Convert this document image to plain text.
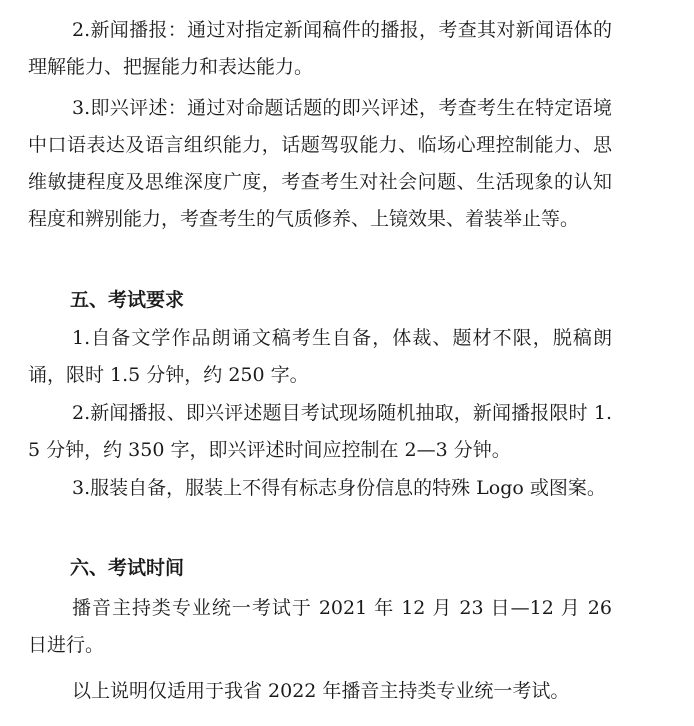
2.新闻播报：通过对指定新闻稿件的播报，考查其对新闻语体的理解能力、把握能力和表达能力。

3.即兴评述：通过对命题话题的即兴评述，考查考生在特定语境中口语表达及语言组织能力，话题驾驭能力、临场心理控制能力、思维敏捷程度及思维深度广度，考查考生对社会问题、生活现象的认知程度和辨别能力，考查考生的气质修养、上镜效果、着装举止等。

五、考试要求

1.自备文学作品朗诵文稿考生自备，体裁、题材不限，脱稿朗诵，限时 1.5 分钟，约 250 字。

2.新闻播报、即兴评述题目考试现场随机抽取，新闻播报限时 1.5 分钟，约 350 字，即兴评述时间应控制在 2—3 分钟。

3.服装自备，服装上不得有标志身份信息的特殊 Logo 或图案。

六、考试时间

播音主持类专业统一考试于 2021 年 12 月 23 日—12 月 26 日进行。

以上说明仅适用于我省 2022 年播音主持类专业统一考试。
